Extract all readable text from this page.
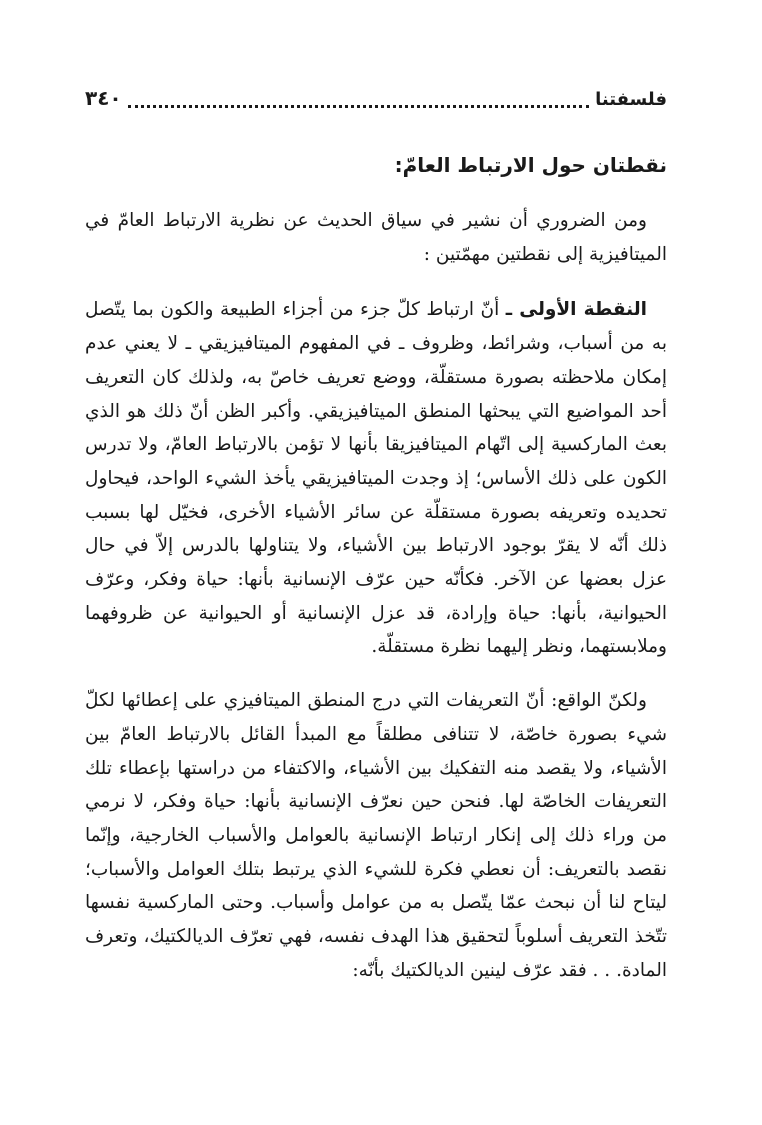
فلسفتنا
٣٤٠
نقطتان حول الارتباط العامّ:

ومن الضروري أن نشير في سياق الحديث عن نظرية الارتباط العامّ في الميتافيزية إلى نقطتين مهمّتين :

النقطة الأولى ـ أنّ ارتباط كلّ جزء من أجزاء الطبيعة والكون بما يتّصل به من أسباب، وشرائط، وظروف ـ في المفهوم الميتافيزيقي ـ لا يعني عدم إمكان ملاحظته بصورة مستقلّة، ووضع تعريف خاصّ به، ولذلك كان التعريف أحد المواضيع التي يبحثها المنطق الميتافيزيقي. وأكبر الظن أنّ ذلك هو الذي بعث الماركسية إلى اتّهام الميتافيزيقا بأنها لا تؤمن بالارتباط العامّ، ولا تدرس الكون على ذلك الأساس؛ إذ وجدت الميتافيزيقي يأخذ الشيء الواحد، فيحاول تحديده وتعريفه بصورة مستقلّة عن سائر الأشياء الأخرى، فخيّل لها بسبب ذلك أنّه لا يقرّ بوجود الارتباط بين الأشياء، ولا يتناولها بالدرس إلاّ في حال عزل بعضها عن الآخر. فكأنّه حين عرّف الإنسانية بأنها: حياة وفكر، وعرّف الحيوانية، بأنها: حياة وإرادة، قد عزل الإنسانية أو الحيوانية عن ظروفهما وملابستهما، ونظر إليهما نظرة مستقلّة.

ولكنّ الواقع: أنّ التعريفات التي درج المنطق الميتافيزي على إعطائها لكلّ شيء بصورة خاصّة، لا تتنافى مطلقاً مع المبدأ القائل بالارتباط العامّ بين الأشياء، ولا يقصد منه التفكيك بين الأشياء، والاكتفاء من دراستها بإعطاء تلك التعريفات الخاصّة لها. فنحن حين نعرّف الإنسانية بأنها: حياة وفكر، لا نرمي من وراء ذلك إلى إنكار ارتباط الإنسانية بالعوامل والأسباب الخارجية، وإنّما نقصد بالتعريف: أن نعطي فكرة للشيء الذي يرتبط بتلك العوامل والأسباب؛ ليتاح لنا أن نبحث عمّا يتّصل به من عوامل وأسباب. وحتى الماركسية نفسها تتّخذ التعريف أسلوباً لتحقيق هذا الهدف نفسه، فهي تعرّف الديالكتيك، وتعرف المادة. . . فقد عرّف لينين الديالكتيك بأنّه:
